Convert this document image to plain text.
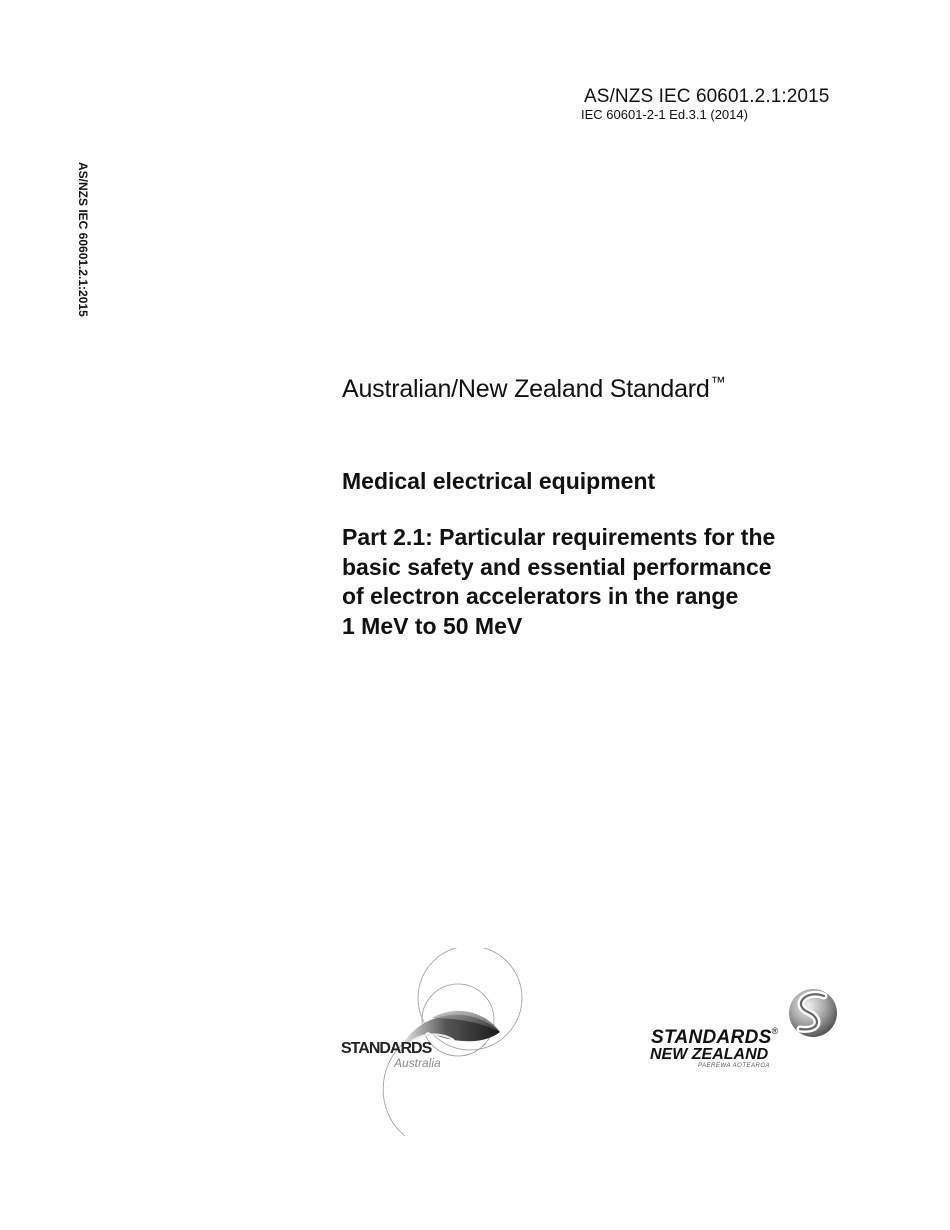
AS/NZS IEC 60601.2.1:2015
IEC 60601-2-1 Ed.3.1 (2014)
AS/NZS IEC 60601.2.1:2015
Australian/New Zealand Standard™
Medical electrical equipment
Part 2.1: Particular requirements for the
basic safety and essential performance
of electron accelerators in the range
1 MeV to 50 MeV
STANDARDS
Australia
STANDARDS®
NEW ZEALAND
PAEREWA AOTEAROA
